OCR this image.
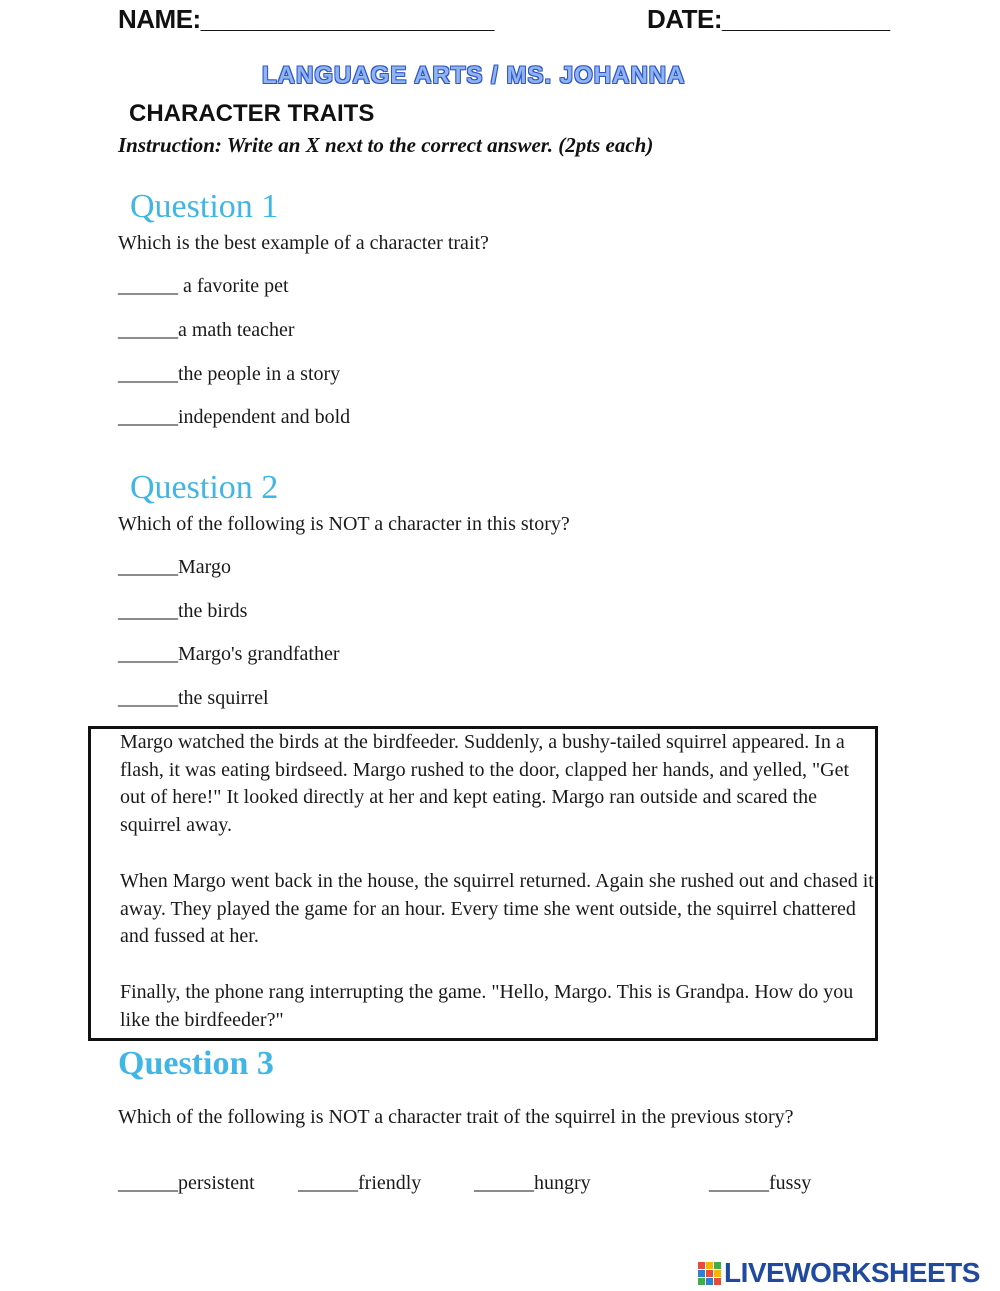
NAME:_____________________	DATE:____________
LANGUAGE ARTS / MS. JOHANNA
CHARACTER TRAITS
Instruction: Write an X next to the correct answer. (2pts each)
Question 1
Which is the best example of a character trait?
______ a favorite pet
______a math teacher
______the people in a story
______independent and bold
Question 2
Which of the following is NOT a character in this story?
______Margo
______the birds
______Margo's grandfather
______the squirrel

Margo watched the birds at the birdfeeder. Suddenly, a bushy-tailed squirrel appeared. In a flash, it was eating birdseed. Margo rushed to the door, clapped her hands, and yelled, "Get out of here!" It looked directly at her and kept eating. Margo ran outside and scared the squirrel away.

When Margo went back in the house, the squirrel returned. Again she rushed out and chased it away. They played the game for an hour. Every time she went outside, the squirrel chattered and fussed at her.

Finally, the phone rang interrupting the game. "Hello, Margo. This is Grandpa. How do you like the birdfeeder?"

Question 3
Which of the following is NOT a character trait of the squirrel in the previous story?
______persistent ______friendly	______hungry	______fussy
LIVEWORKSHEETS
